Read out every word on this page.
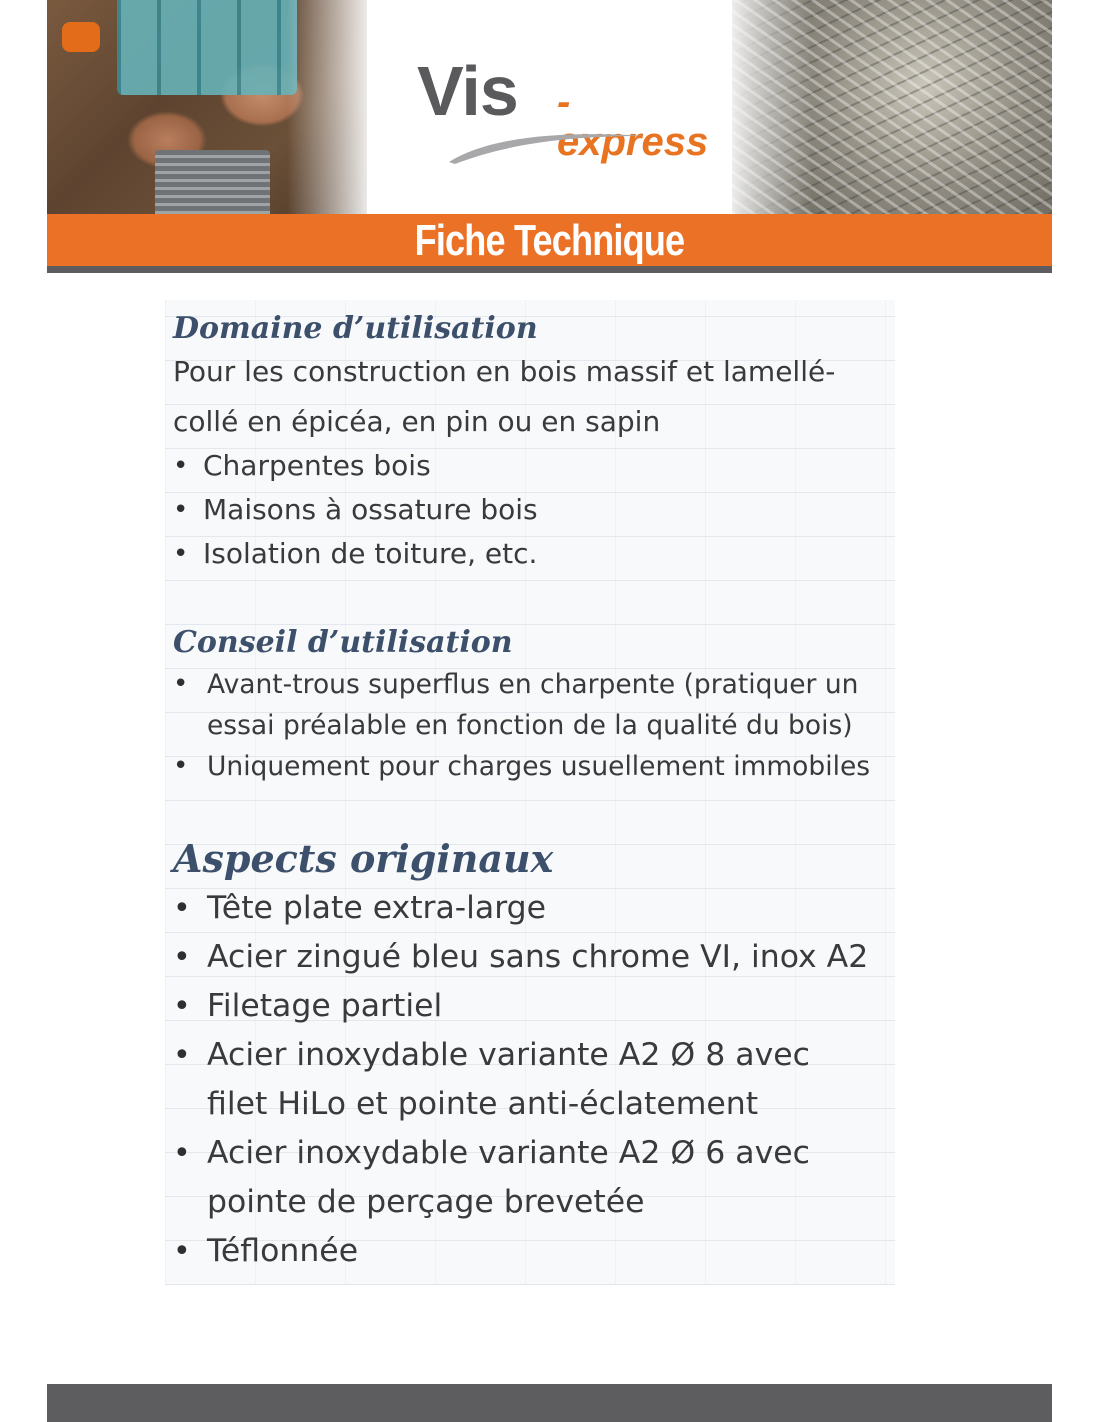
Vis -express
Fiche Technique
Domaine d’utilisation

Pour les construction en bois massif et lamellé-

collé en épicéa, en pin ou en sapin

• Charpentes bois
• Maisons à ossature bois
• Isolation de toiture, etc.
Conseil d’utilisation
• Avant-trous superflus en charpente (pratiquer un
essai préalable en fonction de la qualité du bois)
• Uniquement pour charges usuellement immobiles
Aspects originaux
• Tête plate extra-large
• Acier zingué bleu sans chrome VI, inox A2
• Filetage partiel
• Acier inoxydable variante A2 Ø 8 avec
filet HiLo et pointe anti-éclatement
• Acier inoxydable variante A2 Ø 6 avec
pointe de perçage brevetée
• Téflonnée
